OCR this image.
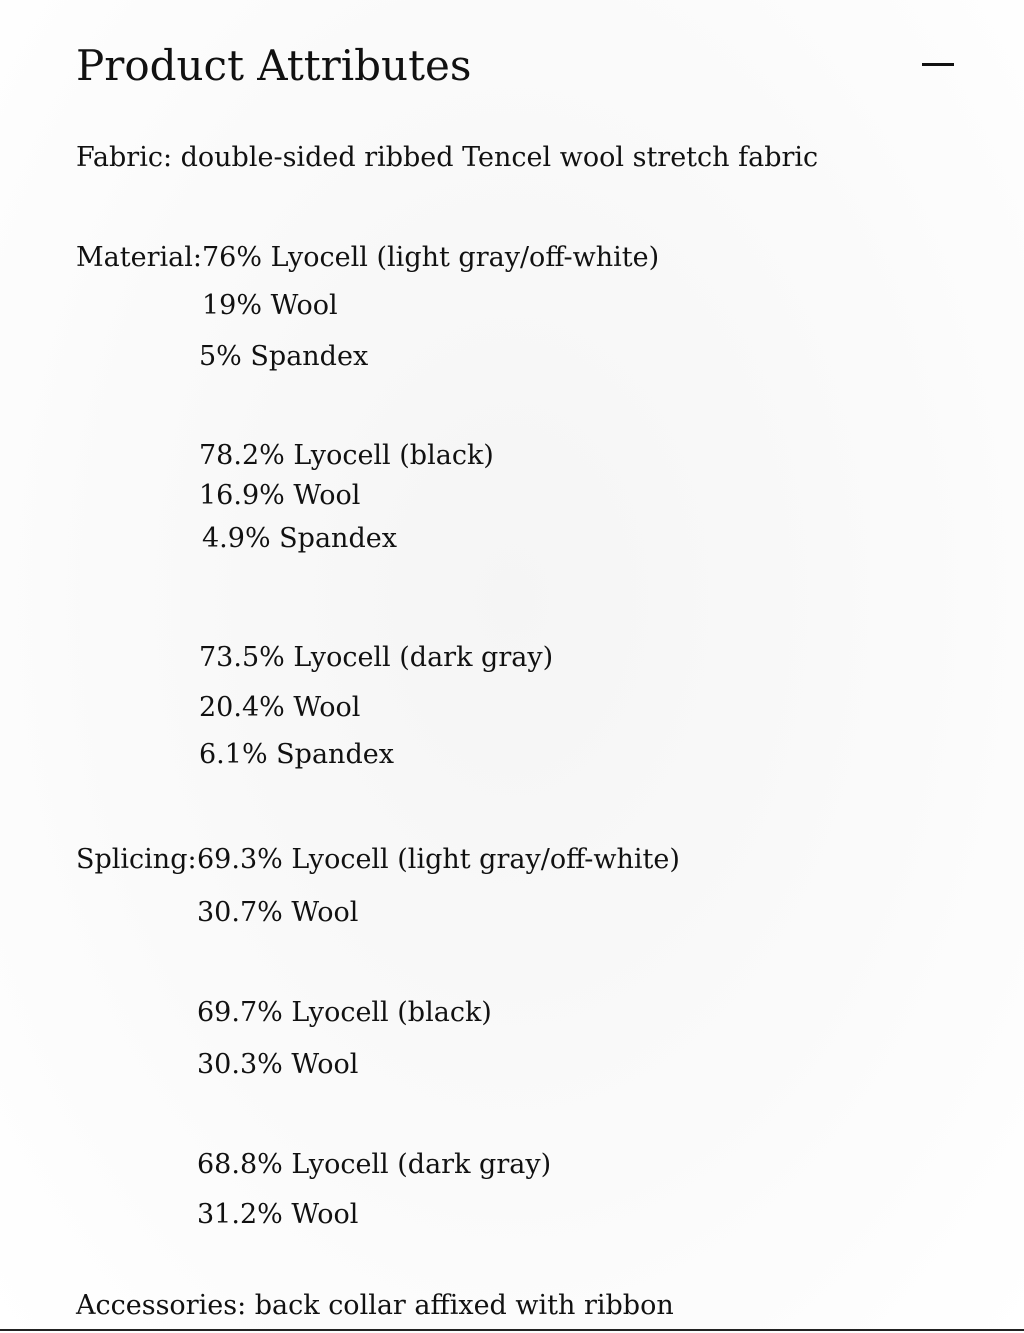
Product Attributes

Fabric: double-sided ribbed Tencel wool stretch fabric

Material: 76% Lyocell (light gray/off-white)

19% Wool

5% Spandex

78.2% Lyocell (black)

16.9% Wool

4.9% Spandex

73.5% Lyocell (dark gray)

20.4% Wool

6.1% Spandex

Splicing: 69.3% Lyocell (light gray/off-white)

30.7% Wool

69.7% Lyocell (black)

30.3% Wool

68.8% Lyocell (dark gray)

31.2% Wool

Accessories: back collar affixed with ribbon
